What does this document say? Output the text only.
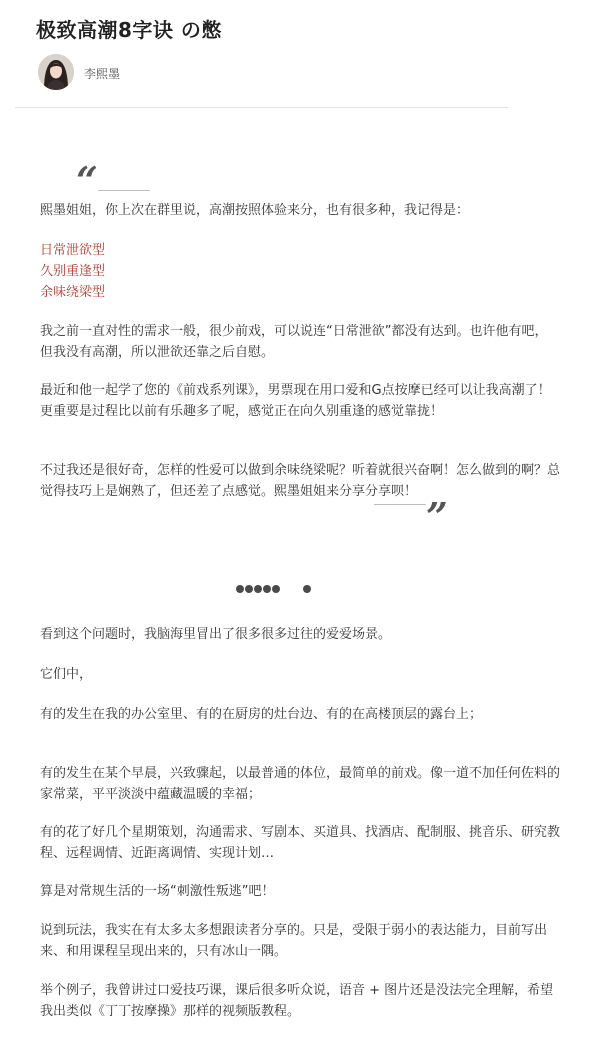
极致高潮8字诀 の憋
李熙墨
“

熙墨姐姐，你上次在群里说，高潮按照体验来分，也有很多种，我记得是：

日常泄欲型

久别重逢型

余味绕梁型

我之前一直对性的需求一般，很少前戏，可以说连“日常泄欲”都没有达到。也许他有吧，但我没有高潮，所以泄欲还靠之后自慰。

最近和他一起学了您的《前戏系列课》，男票现在用口爱和G点按摩已经可以让我高潮了！更重要是过程比以前有乐趣多了呢，感觉正在向久别重逢的感觉靠拢！

不过我还是很好奇，怎样的性爱可以做到余味绕梁呢？听着就很兴奋啊！怎么做到的啊？总觉得技巧上是娴熟了，但还差了点感觉。熙墨姐姐来分享分享呗！

”

看到这个问题时，我脑海里冒出了很多很多过往的爱爱场景。

它们中，

有的发生在我的办公室里、有的在厨房的灶台边、有的在高楼顶层的露台上；

有的发生在某个早晨，兴致骤起，以最普通的体位，最简单的前戏。像一道不加任何佐料的家常菜，平平淡淡中蕴藏温暖的幸福；

有的花了好几个星期策划，沟通需求、写剧本、买道具、找酒店、配制服、挑音乐、研究教程、远程调情、近距离调情、实现计划…

算是对常规生活的一场“刺激性叛逃”吧！

说到玩法，我实在有太多太多想跟读者分享的。只是，受限于弱小的表达能力，目前写出来、和用课程呈现出来的，只有冰山一隅。

举个例子，我曾讲过口爱技巧课，课后很多听众说，语音 + 图片还是没法完全理解，希望我出类似《丁丁按摩操》那样的视频版教程。
